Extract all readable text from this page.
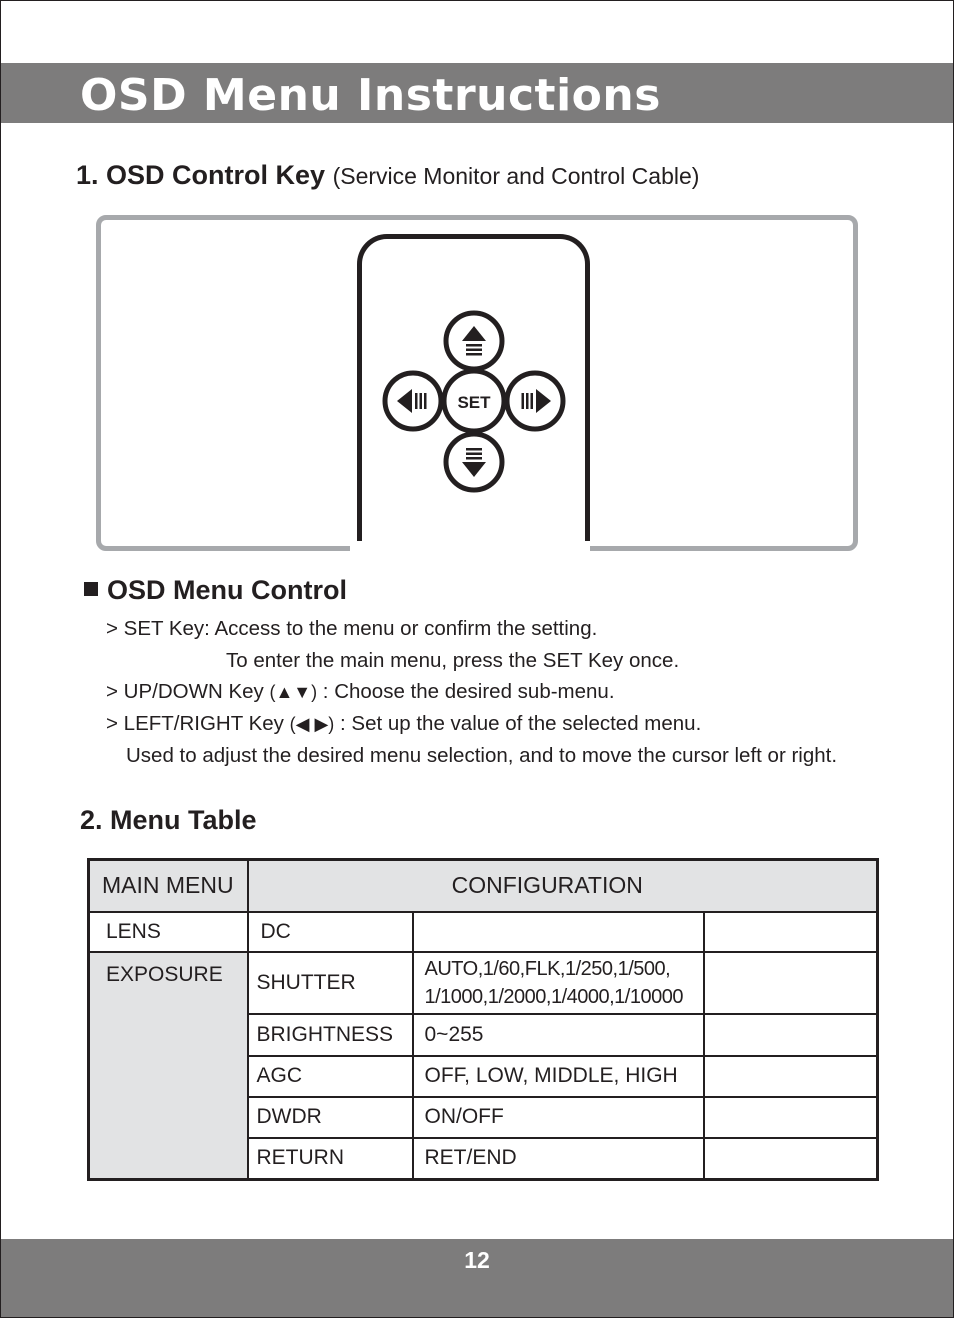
OSD Menu Instructions
1. OSD Control Key (Service Monitor and Control Cable)
SET
OSD Menu Control
> SET Key: Access to the menu or confirm the setting.
To enter the main menu, press the SET Key once.
> UP/DOWN Key (▲▼) : Choose the desired sub-menu.
> LEFT/RIGHT Key (◀ ▶) : Set up the value of the selected menu.
Used to adjust the desired menu selection, and to move the cursor left or right.
2. Menu Table
MAIN MENU	CONFIGURATION		
LENS	DC		
EXPOSURE	SHUTTER	AUTO,1/60,FLK,1/250,1/500,
1/1000,1/2000,1/4000,1/10000	
	BRIGHTNESS	0~255	
	AGC	OFF, LOW, MIDDLE, HIGH	
	DWDR	ON/OFF	
	RETURN	RET/END	
12
